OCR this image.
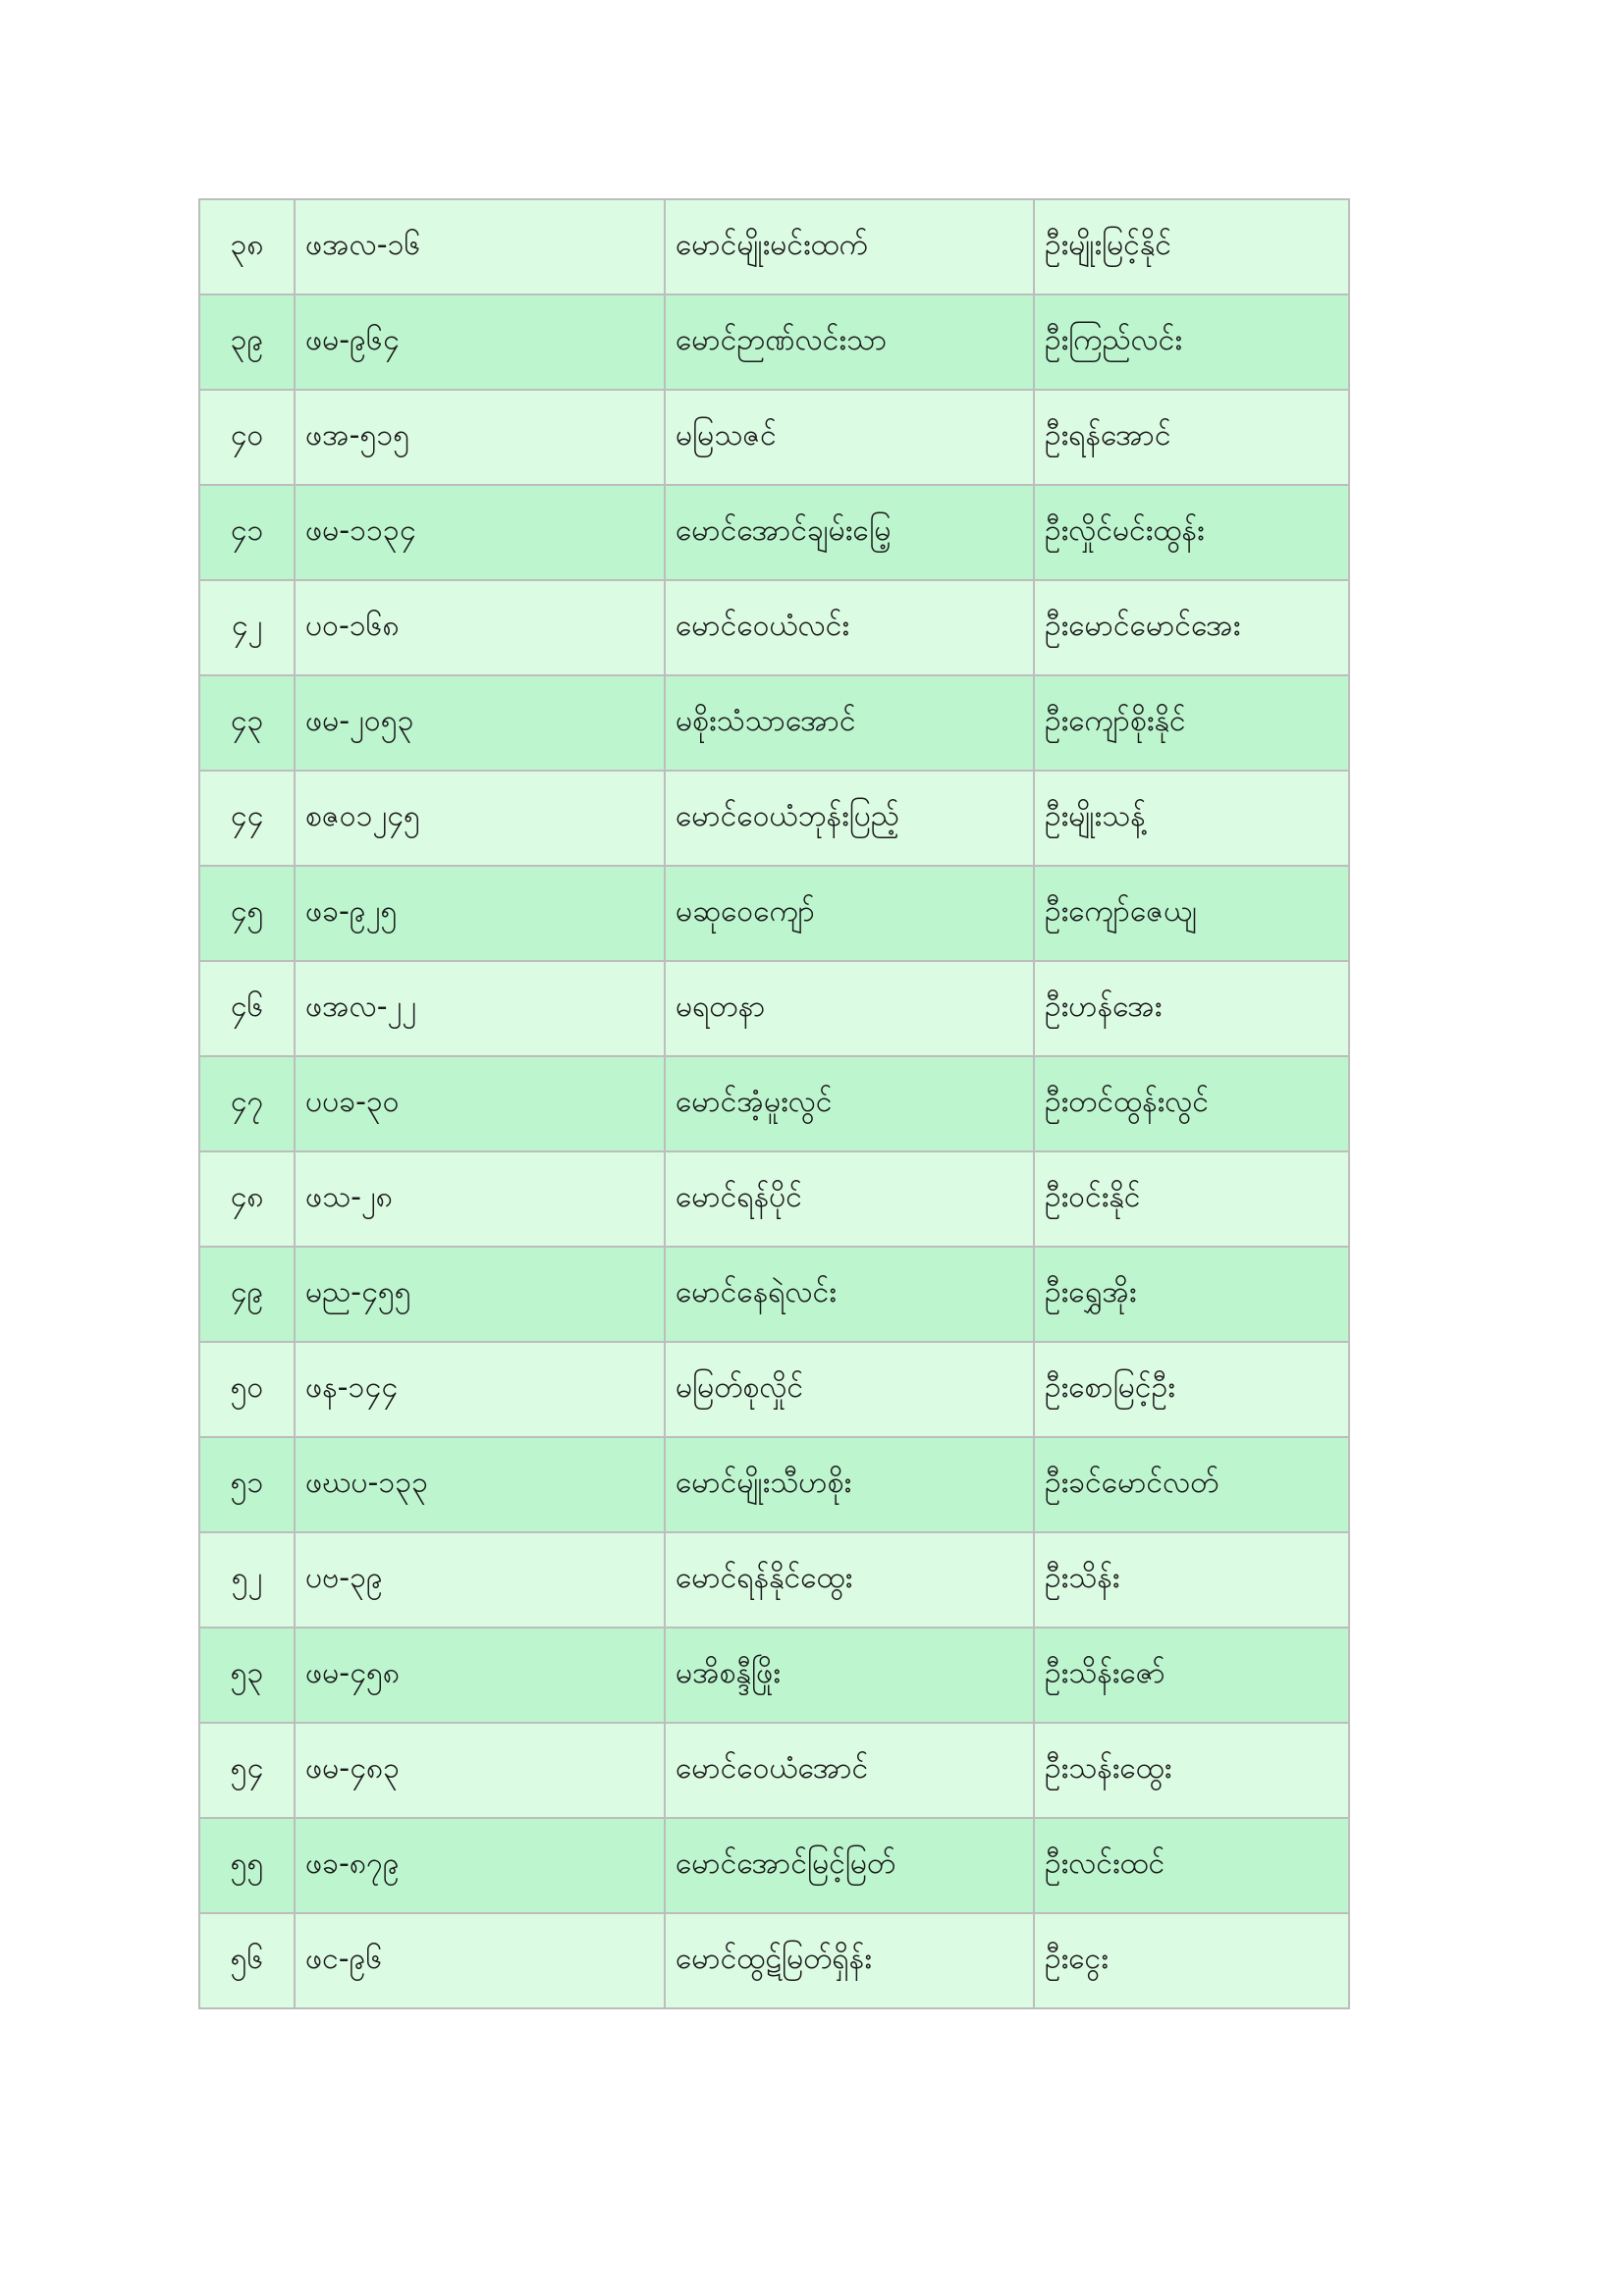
၃၈	ဖအလ-၁၆	မောင်မျိုးမင်းထက်	ဦးမျိုးမြင့်နိုင်
၃၉	ဖမ-၉၆၄	မောင်ဉာဏ်လင်းသာ	ဦးကြည်လင်း
၄၀	ဖအ-၅၁၅	မမြသဇင်	ဦးရန်အောင်
၄၁	ဖမ-၁၁၃၄	မောင်အောင်ချမ်းမြေ့	ဦးလှိုင်မင်းထွန်း
၄၂	ပဝ-၁၆၈	မောင်ဝေယံလင်း	ဦးမောင်မောင်အေး
၄၃	ဖမ-၂၀၅၃	မစိုးသံသာအောင်	ဦးကျော်စိုးနိုင်
၄၄	စဇဝ၁၂၄၅	မောင်ဝေယံဘုန်းပြည့်	ဦးမျိုးသန့်
၄၅	ဖခ-၉၂၅	မဆုဝေကျော်	ဦးကျော်ဇေယျ
၄၆	ဖအလ-၂၂	မရတနာ	ဦးဟန်အေး
၄၇	ပပခ-၃၀	မောင်အံ့မူးလွင်	ဦးတင်ထွန်းလွင်
၄၈	ဖသ-၂၈	မောင်ရန်ပိုင်	ဦးဝင်းနိုင်
၄၉	မည-၄၅၅	မောင်နေရဲလင်း	ဦးရွှေအိုး
၅၀	ဖန-၁၄၄	မမြတ်စုလှိုင်	ဦးစောမြင့်ဦး
၅၁	ဖဃပ-၁၃၃	မောင်မျိုးသီဟစိုး	ဦးခင်မောင်လတ်
၅၂	ပဗ-၃၉	မောင်ရန်နိုင်ထွေး	ဦးသိန်း
၅၃	ဖမ-၄၅၈	မအိစန္ဒီဖြိုး	ဦးသိန်းဇော်
၅၄	ဖမ-၄၈၃	မောင်ဝေယံအောင်	ဦးသန်းထွေး
၅၅	ဖခ-၈၇၉	မောင်အောင်မြင့်မြတ်	ဦးလင်းထင်
၅၆	ဖင-၉၆	မောင်ထွဋ်မြတ်ရှိန်း	ဦးငွေး
